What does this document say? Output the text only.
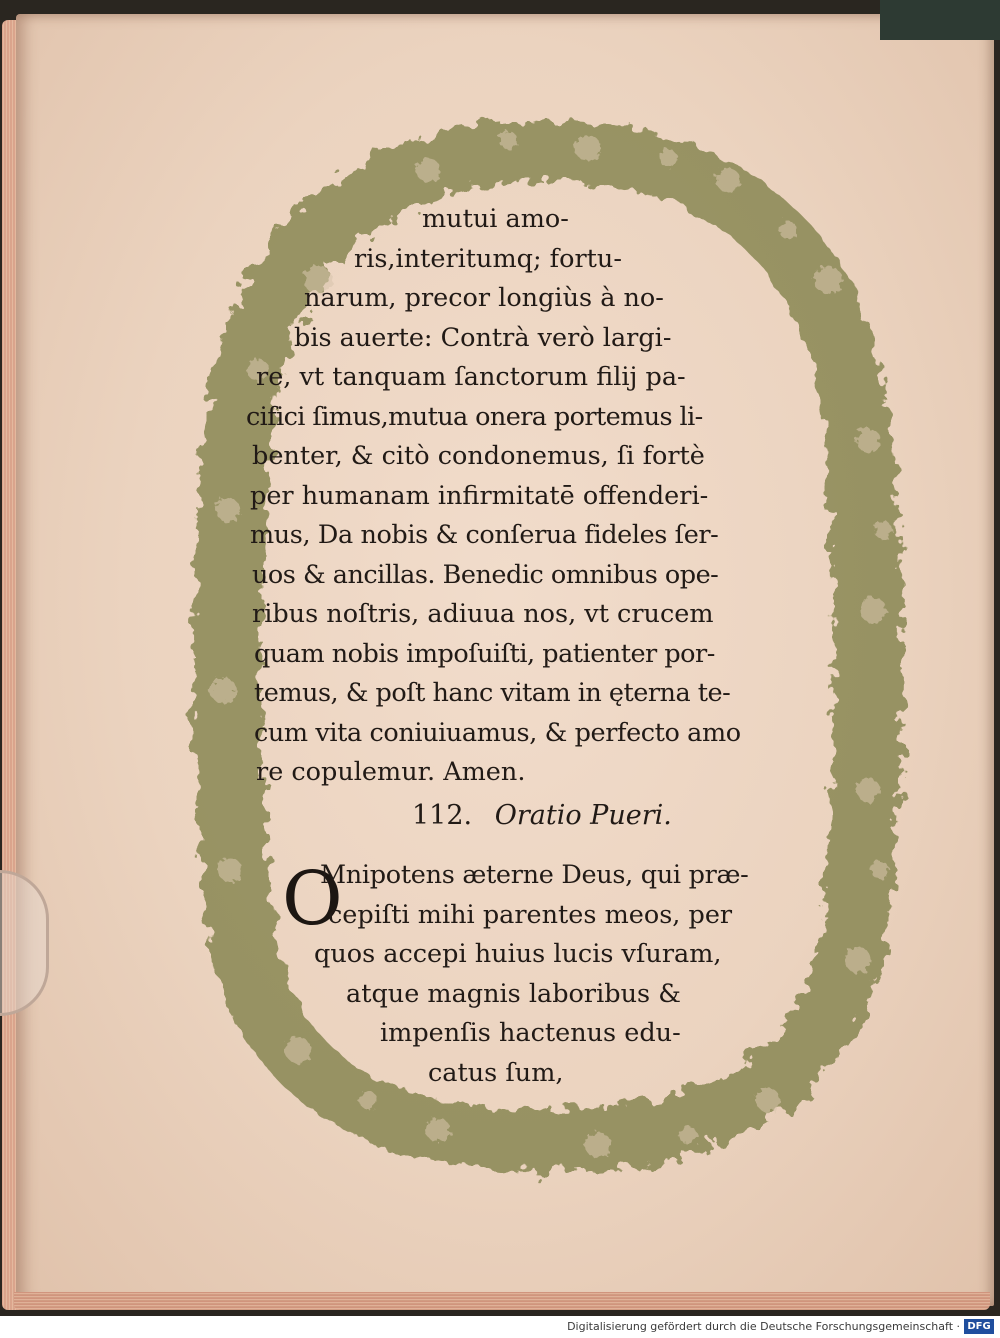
mutui amo-
ris,interitumq; fortu-
narum, precor longiùs à no-
bis auerte: Contrà verò largi-
re, vt tanquam ſanctorum filij pa-
cifici ſimus,mutua onera portemus li-
benter, & citò condonemus, ſi fortè
per humanam infirmitatē offenderi-
mus, Da nobis & conſerua fideles ſer-
uos & ancillas. Benedic omnibus ope-
ribus noſtris, adiuua nos, vt crucem
quam nobis impoſuiſti, patienter por-
temus, & poſt hanc vitam in ęterna te-
cum vita coniuiuamus, & perfecto amo
re copulemur. Amen.
112. Oratio Pueri.
O
Mnipotens æterne Deus, qui præ-
cepiſti mihi parentes meos, per
quos accepi huius lucis vſuram,
atque magnis laboribus &
impenſis hactenus edu-
catus ſum,
Digitalisierung gefördert durch die Deutsche Forschungsgemeinschaft · DFG
